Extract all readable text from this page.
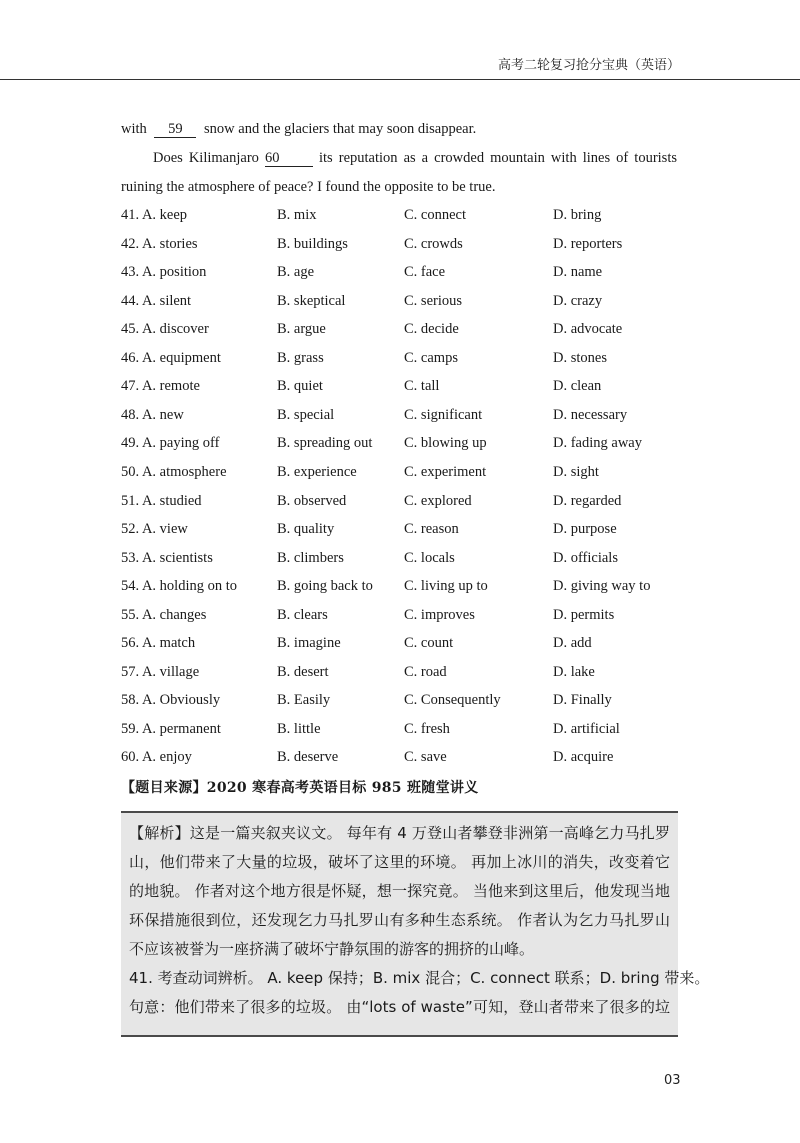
高考二轮复习抢分宝典（英语）
with 59 snow and the glaciers that may soon disappear.
Does Kilimanjaro 60	its reputation as a crowded mountain with lines of tourists
ruining the atmosphere of peace? I found the opposite to be true.
41. A. keep	B. mix	C. connect	D. bring
42. A. stories	B. buildings	C. crowds	D. reporters
43. A. position	B. age	C. face	D. name
44. A. silent	B. skeptical	C. serious	D. crazy
45. A. discover	B. argue	C. decide	D. advocate
46. A. equipment	B. grass	C. camps	D. stones
47. A. remote	B. quiet	C. tall	D. clean
48. A. new	B. special	C. significant	D. necessary
49. A. paying off	B. spreading out C. blowing up	D. fading away
50. A. atmosphere	B. experience	C. experiment	D. sight
51. A. studied	B. observed	C. explored	D. regarded
52. A. view	B. quality	C. reason	D. purpose
53. A. scientists	B. climbers	C. locals	D. officials
54. A. holding on to	B. going back to C. living up to	D. giving way to
55. A. changes	B. clears	C. improves	D. permits
56. A. match	B. imagine	C. count	D. add
57. A. village	B. desert	C. road	D. lake
58. A. Obviously	B. Easily	C. Consequently	D. Finally
59. A. permanent	B. little	C. fresh	D. artificial
60. A. enjoy	B. deserve	C. save	D. acquire
【题目来源】2020 寒春高考英语目标 985 班随堂讲义
【解析】这是一篇夹叙夹议文。 每年有 4 万登山者攀登非洲第一高峰乞力马扎罗
山，他们带来了大量的垃圾，破坏了这里的环境。 再加上冰川的消失，改变着它
的地貌。 作者对这个地方很是怀疑，想一探究竟。 当他来到这里后，他发现当地
环保措施很到位，还发现乞力马扎罗山有多种生态系统。 作者认为乞力马扎罗山
不应该被誉为一座挤满了破坏宁静氛围的游客的拥挤的山峰。
41. 考查动词辨析。 A. keep 保持；B. mix 混合；C. connect 联系；D. bring 带来。
句意：他们带来了很多的垃圾。 由“lots of waste”可知，登山者带来了很多的垃
03
